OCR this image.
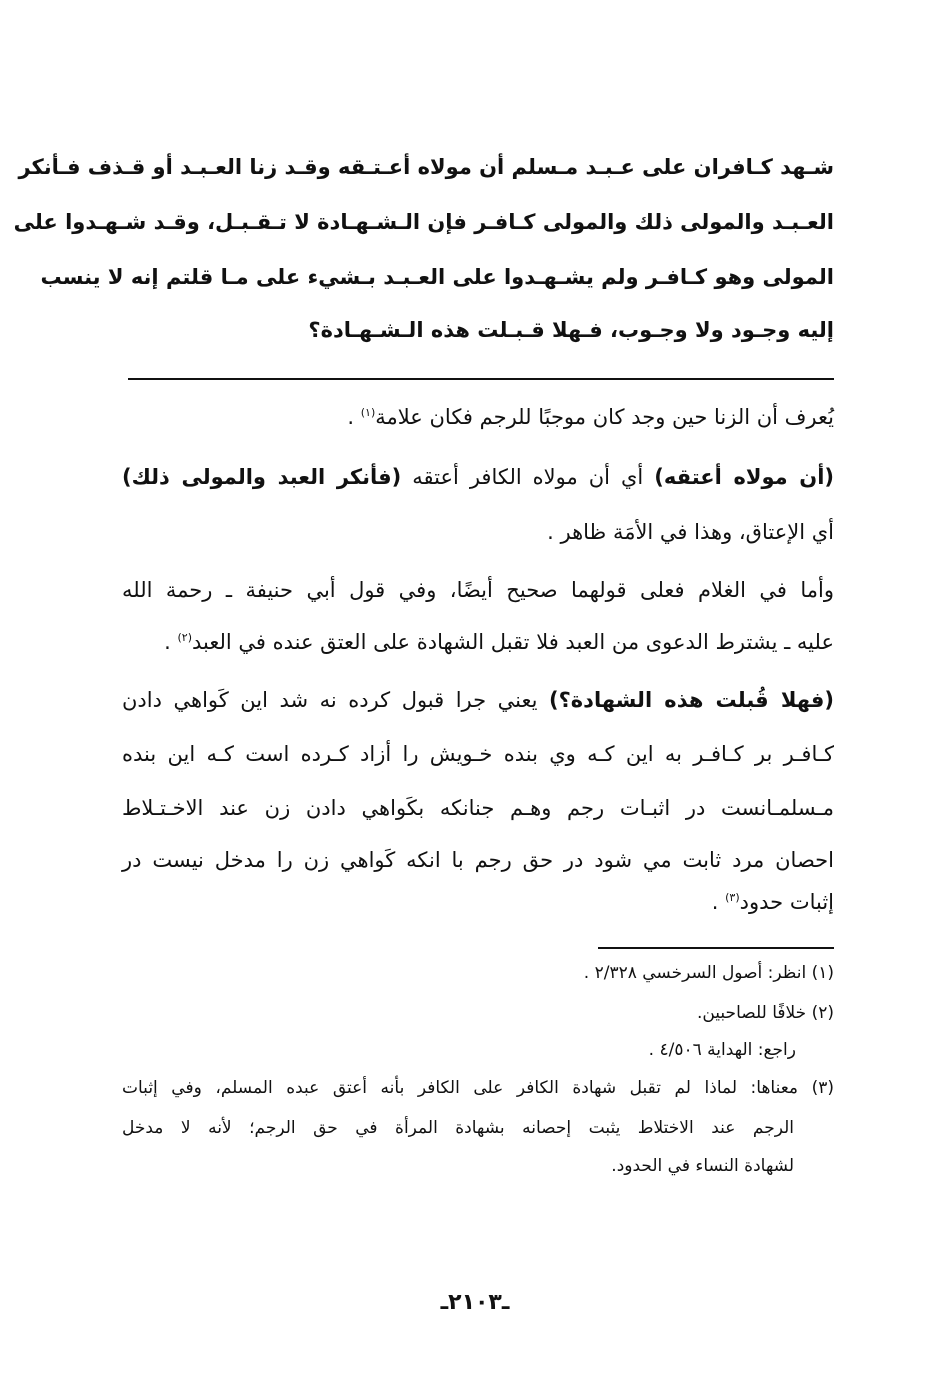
شـهد كـافران على عـبـد مـسلم أن مولاه أعـتـقه وقـد زنا العـبـد أو قـذف فـأنكر
العـبـد والمولى ذلك والمولى كـافـر فإن الـشـهـادة لا تـقـبـل، وقـد شـهـدوا على
المولى وهو كـافـر ولم يشـهـدوا على العـبـد بـشيء على مـا قلتم إنه لا ينسب
إليه وجـود ولا وجـوب، فـهلا قـبـلت هذه الـشـهـادة؟
يُعرف أن الزنا حين وجد كان موجبًا للرجم فكان علامة$^{(١)}$ .
(أن مولاه أعتقه) أي أن مولاه الكافر أعتقه (فأنكر العبد والمولى ذلك)
أي الإعتاق، وهذا في الأمَة ظاهر .
وأما في الغلام فعلى قولهما صحيح أيضًا، وفي قول أبي حنيفة ـ رحمة الله
عليه ـ يشترط الدعوى من العبد فلا تقبل الشهادة على العتق عنده في العبد$^{(٢)}$ .
(فهلا قُبلت هذه الشهادة؟) يعني جرا قبول كرده نه شد اين كَواهي دادن
كـافـر بر كـافـر به اين كـه وي بنده خـويش را أزاد كـرده است كـه اين بنده
مـسلمـانست در اثبـات رجم وهـم جنانكه بكَواهي دادن زن عند الاخـتـلاط
احصان مرد ثابت مي شود در حق رجم با انكه كَواهي زن را مدخل نيست در
إثبات حدود$^{(٣)}$ .
(١) انظر: أصول السرخسي ٢/٣٢٨ .
(٢) خلافًا للصاحبين.
راجع: الهداية ٤/٥٠٦ .
(٣) معناها: لماذا لم تقبل شهادة الكافر على الكافر بأنه أعتق عبده المسلم، وفي إثبات
الرجم عند الاختلاط يثبت إحصانه بشهادة المرأة في حق الرجم؛ لأنه لا مدخل
لشهادة النساء في الحدود.
ـ٢١٠٣ـ
